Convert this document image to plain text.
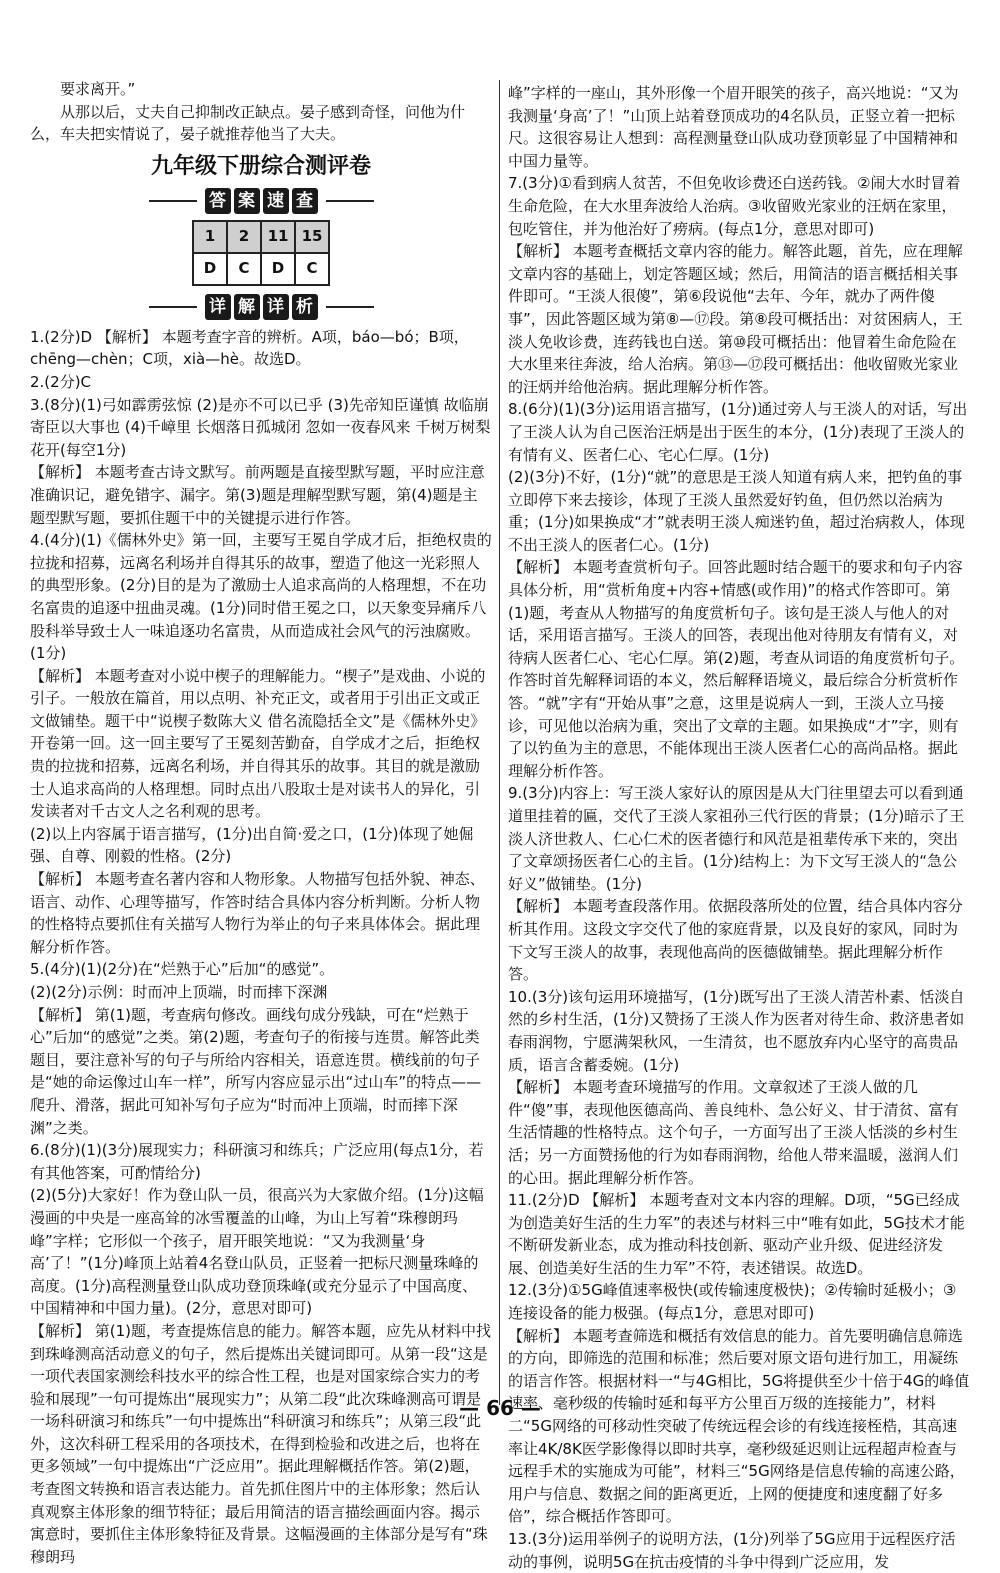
要求离开。”

从那以后，丈夫自己抑制改正缺点。晏子感到奇怪，问他为什么，车夫把实情说了，晏子就推荐他当了大夫。

九年级下册综合测评卷
答 案 速 查
1	2	11	15
D	C	D	C
详 解 详 析

1.(2分)D 【解析】 本题考查字音的辨析。A项，báo—bó；B项，chēng—chèn；C项，xià—hè。故选D。

2.(2分)C

3.(8分)(1)弓如霹雳弦惊 (2)是亦不可以已乎 (3)先帝知臣谨慎 故临崩寄臣以大事也 (4)千嶂里 长烟落日孤城闭 忽如一夜春风来 千树万树梨花开(每空1分)

【解析】 本题考查古诗文默写。前两题是直接型默写题，平时应注意准确识记，避免错字、漏字。第(3)题是理解型默写题，第(4)题是主题型默写题，要抓住题干中的关键提示进行作答。

4.(4分)(1)《儒林外史》第一回，主要写王冕自学成才后，拒绝权贵的拉拢和招募，远离名利场并自得其乐的故事，塑造了他这一光彩照人的典型形象。(2分)目的是为了激励士人追求高尚的人格理想，不在功名富贵的追逐中扭曲灵魂。(1分)同时借王冕之口，以天象变异痛斥八股科举导致士人一味追逐功名富贵，从而造成社会风气的污浊腐败。(1分)

【解析】 本题考查对小说中楔子的理解能力。“楔子”是戏曲、小说的引子。一般放在篇首，用以点明、补充正文，或者用于引出正文或正文做铺垫。题干中“说楔子数陈大义 借名流隐括全文”是《儒林外史》开卷第一回。这一回主要写了王冕刻苦勤奋，自学成才之后，拒绝权贵的拉拢和招募，远离名利场，并自得其乐的故事。其目的就是激励士人追求高尚的人格理想。同时点出八股取士是对读书人的异化，引发读者对千古文人之名利观的思考。

(2)以上内容属于语言描写，(1分)出自简·爱之口，(1分)体现了她倔强、自尊、刚毅的性格。(2分)

【解析】 本题考查名著内容和人物形象。人物描写包括外貌、神态、语言、动作、心理等描写，作答时结合具体内容分析判断。分析人物的性格特点要抓住有关描写人物行为举止的句子来具体体会。据此理解分析作答。

5.(4分)(1)(2分)在“烂熟于心”后加“的感觉”。

(2)(2分)示例：时而冲上顶端，时而摔下深渊

【解析】 第(1)题，考查病句修改。画线句成分残缺，可在“烂熟于心”后加“的感觉”之类。第(2)题，考查句子的衔接与连贯。解答此类题目，要注意补写的句子与所给内容相关，语意连贯。横线前的句子是“她的命运像过山车一样”，所写内容应显示出“过山车”的特点——爬升、滑落，据此可知补写句子应为“时而冲上顶端，时而摔下深渊”之类。

6.(8分)(1)(3分)展现实力；科研演习和练兵；广泛应用(每点1分，若有其他答案，可酌情给分)

(2)(5分)大家好！作为登山队一员，很高兴为大家做介绍。(1分)这幅漫画的中央是一座高耸的冰雪覆盖的山峰，为山上写着“珠穆朗玛峰”字样；它形似一个孩子，眉开眼笑地说：“又为我测量‘身高’了！”(1分)峰顶上站着4名登山队员，正竖着一把标尺测量珠峰的高度。(1分)高程测量登山队成功登顶珠峰(或充分显示了中国高度、中国精神和中国力量)。(2分，意思对即可)

【解析】 第(1)题，考查提炼信息的能力。解答本题，应先从材料中找到珠峰测高活动意义的句子，然后提炼出关键词即可。从第一段“这是一项代表国家测绘科技水平的综合性工程，也是对国家综合实力的考验和展现”一句可提炼出“展现实力”；从第二段“此次珠峰测高可谓是一场科研演习和练兵”一句中提炼出“科研演习和练兵”；从第三段“此外，这次科研工程采用的各项技术，在得到检验和改进之后，也将在更多领域”一句中提炼出“广泛应用”。据此理解概括作答。第(2)题，考查图文转换和语言表达能力。首先抓住图片中的主体形象；然后认真观察主体形象的细节特征；最后用简洁的语言描绘画面内容。揭示寓意时，要抓住主体形象特征及背景。这幅漫画的主体部分是写有“珠穆朗玛

峰”字样的一座山，其外形像一个眉开眼笑的孩子，高兴地说：“又为我测量‘身高’了！”山顶上站着登顶成功的4名队员，正竖立着一把标尺。这很容易让人想到：高程测量登山队成功登顶彰显了中国精神和中国力量等。

7.(3分)①看到病人贫苦，不但免收诊费还白送药钱。②闹大水时冒着生命危险，在大水里奔波给人治病。③收留败光家业的汪炳在家里，包吃管住，并为他治好了痨病。(每点1分，意思对即可)

【解析】 本题考查概括文章内容的能力。解答此题，首先，应在理解文章内容的基础上，划定答题区域；然后，用简洁的语言概括相关事件即可。“王淡人很傻”，第⑥段说他“去年、今年，就办了两件傻事”，因此答题区域为第⑧—⑰段。第⑧段可概括出：对贫困病人，王淡人免收诊费，连药钱也白送。第⑩段可概括出：他冒着生命危险在大水里来往奔波，给人治病。第⑬—⑰段可概括出：他收留败光家业的汪炳并给他治病。据此理解分析作答。

8.(6分)(1)(3分)运用语言描写，(1分)通过旁人与王淡人的对话，写出了王淡人认为自己医治汪炳是出于医生的本分，(1分)表现了王淡人的有情有义、医者仁心、宅心仁厚。(1分)

(2)(3分)不好，(1分)“就”的意思是王淡人知道有病人来，把钓鱼的事立即停下来去接诊，体现了王淡人虽然爱好钓鱼，但仍然以治病为重；(1分)如果换成“才”就表明王淡人痴迷钓鱼，超过治病救人，体现不出王淡人的医者仁心。(1分)

【解析】 本题考查赏析句子。回答此题时结合题干的要求和句子内容具体分析，用“赏析角度+内容+情感(或作用)”的格式作答即可。第(1)题，考查从人物描写的角度赏析句子。该句是王淡人与他人的对话，采用语言描写。王淡人的回答，表现出他对待朋友有情有义，对待病人医者仁心、宅心仁厚。第(2)题，考查从词语的角度赏析句子。作答时首先解释词语的本义，然后解释语境义，最后综合分析赏析作答。“就”字有“开始从事”之意，这里是说病人一到，王淡人立马接诊，可见他以治病为重，突出了文章的主题。如果换成“才”字，则有了以钓鱼为主的意思，不能体现出王淡人医者仁心的高尚品格。据此理解分析作答。

9.(3分)内容上：写王淡人家好认的原因是从大门往里望去可以看到通道里挂着的匾，交代了王淡人家祖孙三代行医的背景；(1分)暗示了王淡人济世救人、仁心仁术的医者德行和风范是祖辈传承下来的，突出了文章颂扬医者仁心的主旨。(1分)结构上：为下文写王淡人的“急公好义”做铺垫。(1分)

【解析】 本题考查段落作用。依据段落所处的位置，结合具体内容分析其作用。这段文字交代了他的家庭背景，以及良好的家风，同时为下文写王淡人的故事，表现他高尚的医德做铺垫。据此理解分析作答。

10.(3分)该句运用环境描写，(1分)既写出了王淡人清苦朴素、恬淡自然的乡村生活，(1分)又赞扬了王淡人作为医者对待生命、救济患者如春雨润物，宁愿满架秋风，一生清贫，也不愿放弃内心坚守的高贵品质，语言含蓄委婉。(1分)

【解析】 本题考查环境描写的作用。文章叙述了王淡人做的几件“傻”事，表现他医德高尚、善良纯朴、急公好义、甘于清贫、富有生活情趣的性格特点。这个句子，一方面写出了王淡人恬淡的乡村生活；另一方面赞扬他的行为如春雨润物，给他人带来温暖，滋润人们的心田。据此理解分析作答。

11.(2分)D 【解析】 本题考查对文本内容的理解。D项，“5G已经成为创造美好生活的生力军”的表述与材料三中“唯有如此，5G技术才能不断研发新业态，成为推动科技创新、驱动产业升级、促进经济发展、创造美好生活的生力军”不符，表述错误。故选D。

12.(3分)①5G峰值速率极快(或传输速度极快)；②传输时延极小；③连接设备的能力极强。(每点1分，意思对即可)

【解析】 本题考查筛选和概括有效信息的能力。首先要明确信息筛选的方向，即筛选的范围和标准；然后要对原文语句进行加工，用凝练的语言作答。根据材料一“与4G相比，5G将提供至少十倍于4G的峰值速率、毫秒级的传输时延和每平方公里百万级的连接能力”，材料二“5G网络的可移动性突破了传统远程会诊的有线连接桎梏，其高速率让4K/8K医学影像得以即时共享，毫秒级延迟则让远程超声检查与远程手术的实施成为可能”，材料三“5G网络是信息传输的高速公路，用户与信息、数据之间的距离更近，上网的便捷度和速度翻了好多倍”，综合概括作答即可。

13.(3分)运用举例子的说明方法，(1分)列举了5G应用于远程医疗活动的事例，说明5G在抗击疫情的斗争中得到广泛应用，发

— 66 —
